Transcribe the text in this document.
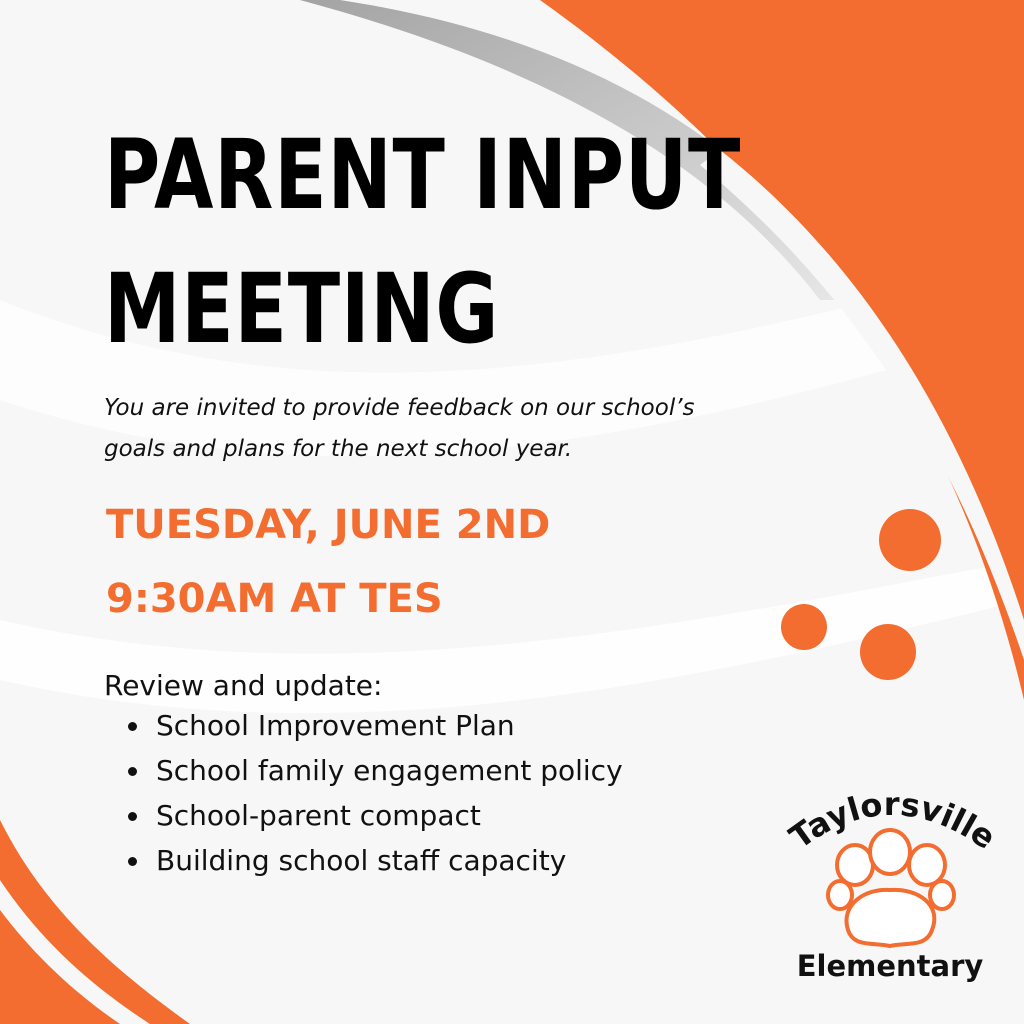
PARENT INPUT
MEETING

You are invited to provide feedback on our school’s
goals and plans for the next school year.

TUESDAY, JUNE 2ND
9:30AM AT TES
Review and update:
School Improvement Plan
School family engagement policy
School-parent compact
Building school staff capacity
Taylorsville
Elementary
